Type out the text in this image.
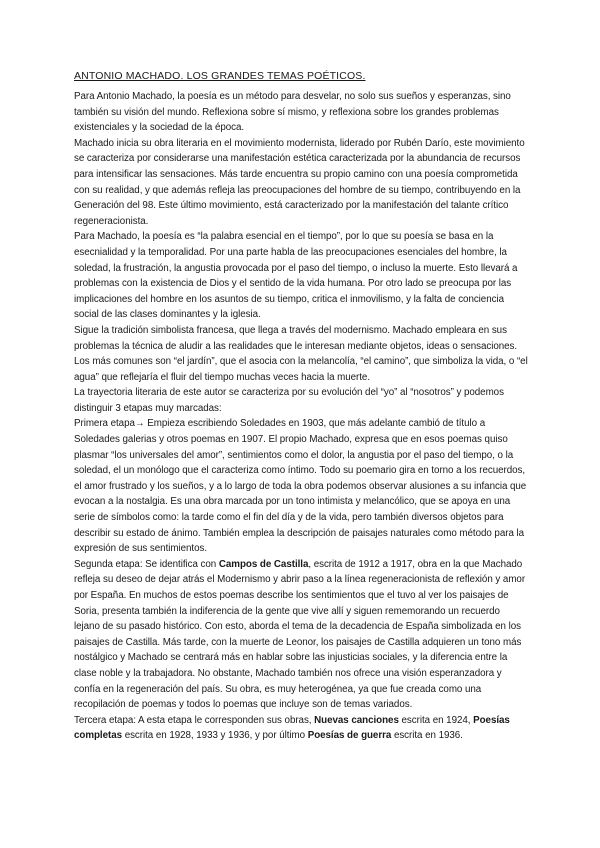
ANTONIO MACHADO. LOS GRANDES TEMAS POÉTICOS.

Para Antonio Machado, la poesía es un método para desvelar, no solo sus sueños y esperanzas, sino también su visión del mundo. Reflexiona sobre sí mismo, y reflexiona sobre los grandes problemas existenciales y la sociedad de la época.

Machado inicia su obra literaria en el movimiento modernista, liderado por Rubén Darío, este movimiento se caracteriza por considerarse una manifestación estética caracterizada por la abundancia de recursos para intensificar las sensaciones. Más tarde encuentra su propio camino con una poesía comprometida con su realidad, y que además refleja las preocupaciones del hombre de su tiempo, contribuyendo en la Generación del 98. Este último movimiento, está caracterizado por la manifestación del talante crítico regeneracionista.

Para Machado, la poesía es “la palabra esencial en el tiempo”, por lo que su poesía se basa en la esecnialidad y la temporalidad. Por una parte habla de las preocupaciones esenciales del hombre, la soledad, la frustración, la angustia provocada por el paso del tiempo, o incluso la muerte. Esto llevará a problemas con la existencia de Dios y el sentido de la vida humana. Por otro lado se preocupa por las implicaciones del hombre en los asuntos de su tiempo, critica el inmovilismo, y la falta de conciencia social de las clases dominantes y la iglesia.

Sigue la tradición simbolista francesa, que llega a través del modernismo. Machado empleara en sus problemas la técnica de aludir a las realidades que le interesan mediante objetos, ideas o sensaciones. Los más comunes son “el jardín”, que el asocia con la melancolía, “el camino”, que simboliza la vida, o “el agua” que reflejaría el fluir del tiempo muchas veces hacia la muerte.

La trayectoria literaria de este autor se caracteriza por su evolución del “yo” al “nosotros” y podemos distinguir 3 etapas muy marcadas:

Primera etapa→ Empieza escribiendo Soledades en 1903, que más adelante cambió de título a Soledades galerias y otros poemas en 1907. El propio Machado, expresa que en esos poemas quiso plasmar “los universales del amor”, sentimientos como el dolor, la angustia por el paso del tiempo, o la soledad, el un monólogo que el caracteriza como íntimo. Todo su poemario gira en torno a los recuerdos, el amor frustrado y los sueños, y a lo largo de toda la obra podemos observar alusiones a su infancia que evocan a la nostalgia. Es una obra marcada por un tono intimista y melancólico, que se apoya en una serie de símbolos como: la tarde como el fin del día y de la vida, pero también diversos objetos para describir su estado de ánimo. También emplea la descripción de paisajes naturales como método para la expresión de sus sentimientos.

Segunda etapa: Se identifica con Campos de Castilla, escrita de 1912 a 1917, obra en la que Machado refleja su deseo de dejar atrás el Modernismo y abrir paso a la línea regeneracionista de reflexión y amor por España. En muchos de estos poemas describe los sentimientos que el tuvo al ver los paisajes de Soria, presenta también la indiferencia de la gente que vive allí y siguen rememorando un recuerdo lejano de su pasado histórico. Con esto, aborda el tema de la decadencia de España simbolizada en los paisajes de Castilla. Más tarde, con la muerte de Leonor, los paisajes de Castilla adquieren un tono más nostálgico y Machado se centrará más en hablar sobre las injusticias sociales, y la diferencia entre la clase noble y la trabajadora. No obstante, Machado también nos ofrece una visión esperanzadora y confía en la regeneración del país. Su obra, es muy heterogénea, ya que fue creada como una recopilación de poemas y todos lo poemas que incluye son de temas variados.

Tercera etapa: A esta etapa le corresponden sus obras, Nuevas canciones escrita en 1924, Poesías completas escrita en 1928, 1933 y 1936, y por último Poesías de guerra escrita en 1936.
